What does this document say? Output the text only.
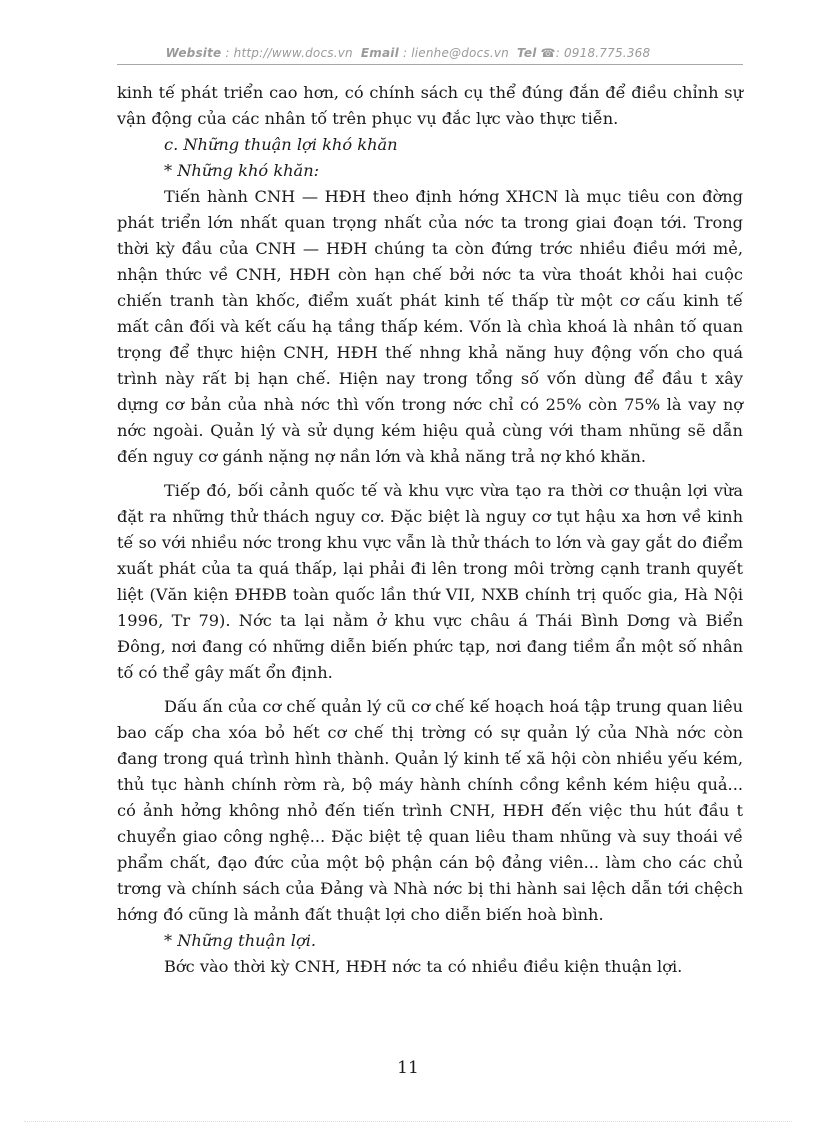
Website : http://www.docs.vn Email : lienhe@docs.vn Tel ☎: 0918.775.368

kinh tế phát triển cao hơn, có chính sách cụ thể đúng đắn để điều chỉnh sự vận động của các nhân tố trên phục vụ đắc lực vào thực tiễn.

c. Những thuận lợi khó khăn

* Những khó khăn:

Tiến hành CNH — HĐH theo định hớng XHCN là mục tiêu con đờng phát triển lớn nhất quan trọng nhất của nớc ta trong giai đoạn tới. Trong thời kỳ đầu của CNH — HĐH chúng ta còn đứng trớc nhiều điều mới mẻ, nhận thức về CNH, HĐH còn hạn chế bởi nớc ta vừa thoát khỏi hai cuộc chiến tranh tàn khốc, điểm xuất phát kinh tế thấp từ một cơ cấu kinh tế mất cân đối và kết cấu hạ tầng thấp kém. Vốn là chìa khoá là nhân tố quan trọng để thực hiện CNH, HĐH thế nhng khả năng huy động vốn cho quá trình này rất bị hạn chế. Hiện nay trong tổng số vốn dùng để đầu t xây dựng cơ bản của nhà nớc thì vốn trong nớc chỉ có 25% còn 75% là vay nợ nớc ngoài. Quản lý và sử dụng kém hiệu quả cùng với tham nhũng sẽ dẫn đến nguy cơ gánh nặng nợ nần lớn và khả năng trả nợ khó khăn.

Tiếp đó, bối cảnh quốc tế và khu vực vừa tạo ra thời cơ thuận lợi vừa đặt ra những thử thách nguy cơ. Đặc biệt là nguy cơ tụt hậu xa hơn về kinh tế so với nhiều nớc trong khu vực vẫn là thử thách to lớn và gay gắt do điểm xuất phát của ta quá thấp, lại phải đi lên trong môi trờng cạnh tranh quyết liệt (Văn kiện ĐHĐB toàn quốc lần thứ VII, NXB chính trị quốc gia, Hà Nội 1996, Tr 79). Nớc ta lại nằm ở khu vực châu á Thái Bình Dơng và Biển Đông, nơi đang có những diễn biến phức tạp, nơi đang tiềm ẩn một số nhân tố có thể gây mất ổn định.

Dấu ấn của cơ chế quản lý cũ cơ chế kế hoạch hoá tập trung quan liêu bao cấp cha xóa bỏ hết cơ chế thị trờng có sự quản lý của Nhà nớc còn đang trong quá trình hình thành. Quản lý kinh tế xã hội còn nhiều yếu kém, thủ tục hành chính rờm rà, bộ máy hành chính cồng kềnh kém hiệu quả... có ảnh hởng không nhỏ đến tiến trình CNH, HĐH đến việc thu hút đầu t chuyển giao công nghệ... Đặc biệt tệ quan liêu tham nhũng và suy thoái về phẩm chất, đạo đức của một bộ phận cán bộ đảng viên... làm cho các chủ trơng và chính sách của Đảng và Nhà nớc bị thi hành sai lệch dẫn tới chệch hớng đó cũng là mảnh đất thuật lợi cho diễn biến hoà bình.

* Những thuận lợi.

Bớc vào thời kỳ CNH, HĐH nớc ta có nhiều điều kiện thuận lợi.

11
